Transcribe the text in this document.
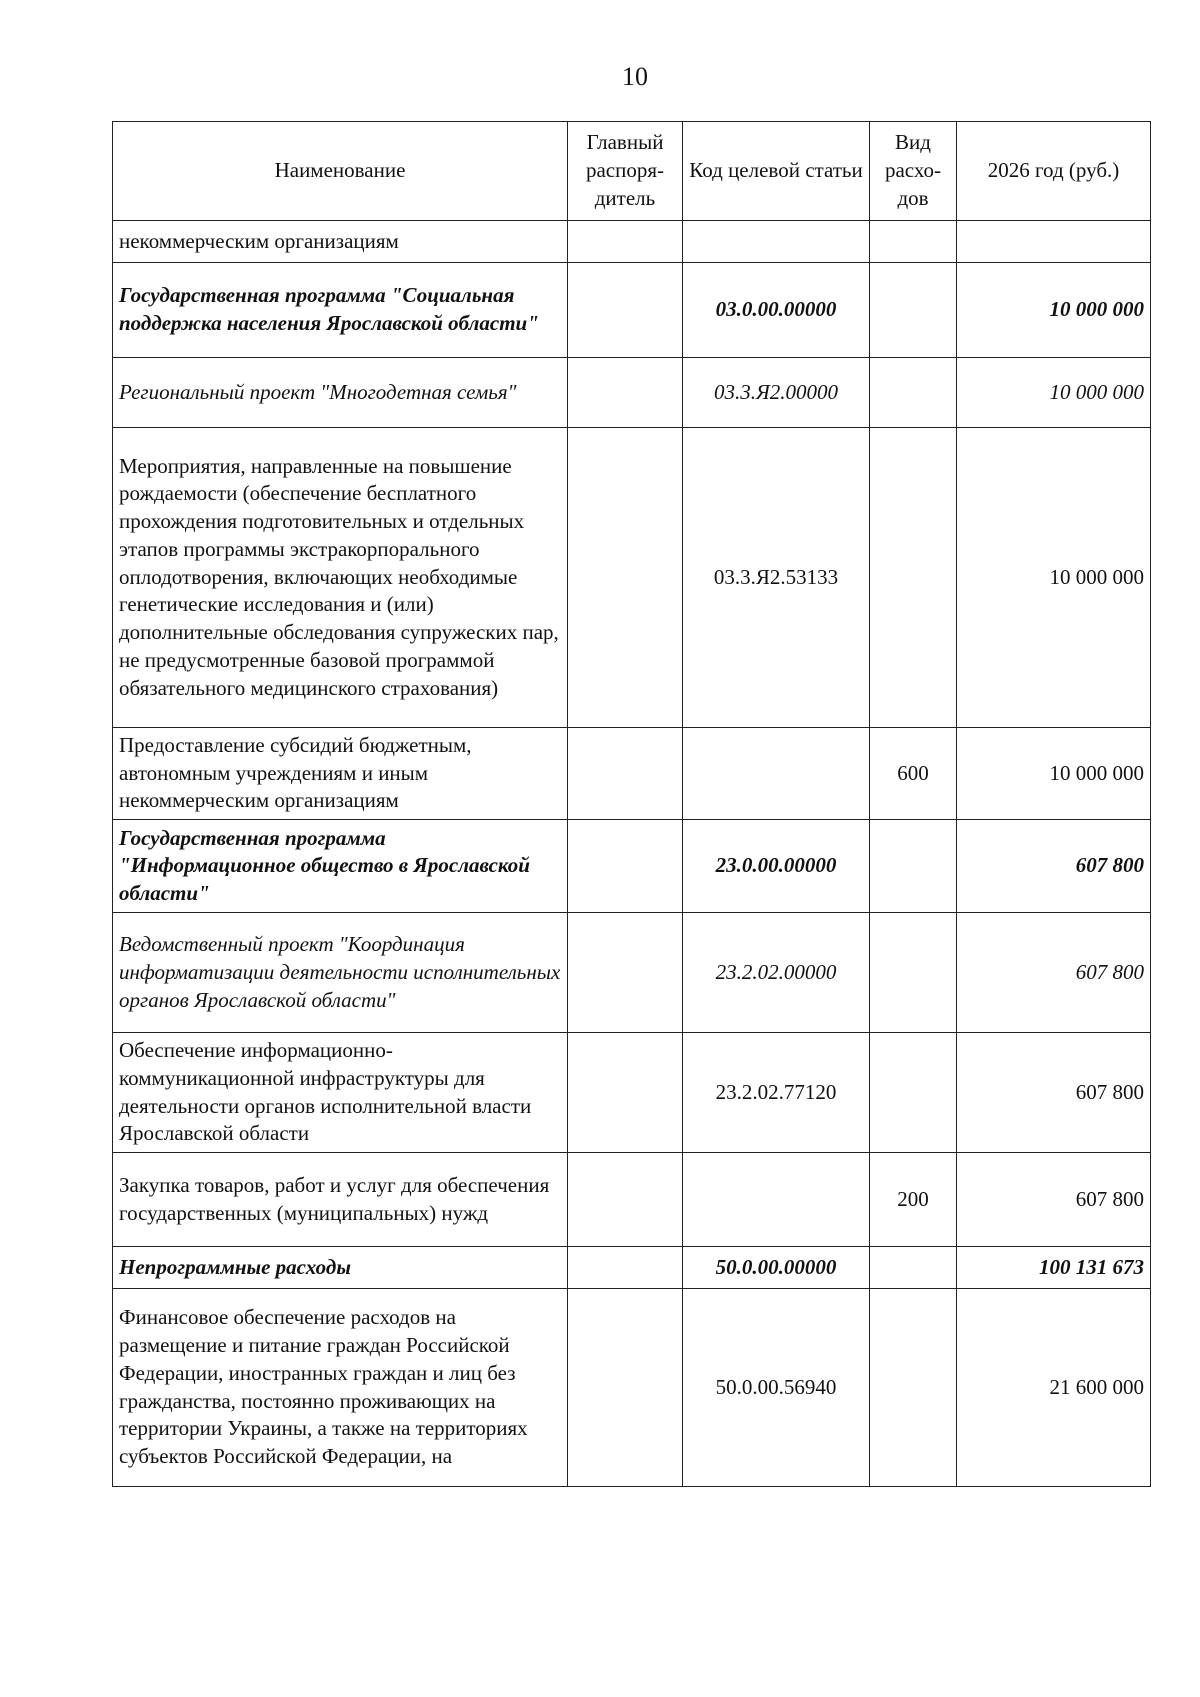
10
Наименование	Главный распоря-дитель	Код целевой статьи	Вид расхо-дов	2026 год (руб.)
некоммерческим организациям				
Государственная программа "Социальная поддержка населения Ярославской области"		03.0.00.00000		10 000 000
Региональный проект "Многодетная семья"		03.3.Я2.00000		10 000 000
Мероприятия, направленные на повышение рождаемости (обеспечение бесплатного прохождения подготовительных и отдельных этапов программы экстракорпорального оплодотворения, включающих необходимые генетические исследования и (или) дополнительные обследования супружеских пар, не предусмотренные базовой программой обязательного медицинского страхования)		03.3.Я2.53133		10 000 000
Предоставление субсидий бюджетным, автономным учреждениям и иным некоммерческим организациям			600	10 000 000
Государственная программа "Информационное общество в Ярославской области"		23.0.00.00000		607 800
Ведомственный проект "Координация информатизации деятельности исполнительных органов Ярославской области"		23.2.02.00000		607 800
Обеспечение информационно-коммуникационной инфраструктуры для деятельности органов исполнительной власти Ярославской области		23.2.02.77120		607 800
Закупка товаров, работ и услуг для обеспечения государственных (муниципальных) нужд			200	607 800
Непрограммные расходы		50.0.00.00000		100 131 673
Финансовое обеспечение расходов на размещение и питание граждан Российской Федерации, иностранных граждан и лиц без гражданства, постоянно проживающих на территории Украины, а также на территориях субъектов Российской Федерации, на		50.0.00.56940		21 600 000
